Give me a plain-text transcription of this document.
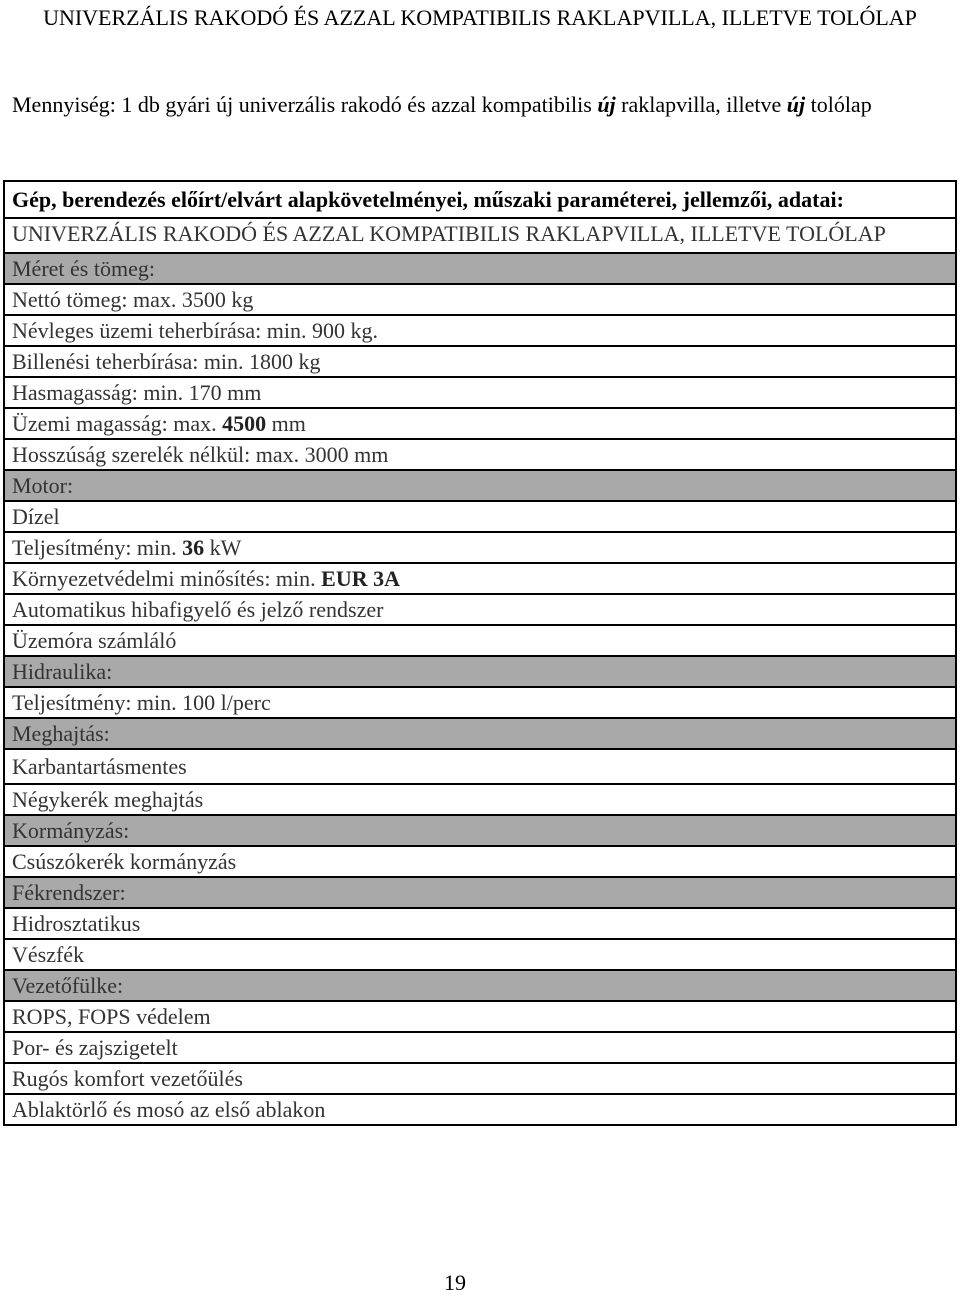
UNIVERZÁLIS RAKODÓ ÉS AZZAL KOMPATIBILIS RAKLAPVILLA, ILLETVE TOLÓLAP
Mennyiség: 1 db gyári új univerzális rakodó és azzal kompatibilis új raklapvilla, illetve új tolólap
Gép, berendezés előírt/elvárt alapkövetelményei, műszaki paraméterei, jellemzői, adatai:
UNIVERZÁLIS RAKODÓ ÉS AZZAL KOMPATIBILIS RAKLAPVILLA, ILLETVE TOLÓLAP
Méret és tömeg:
Nettó tömeg: max. 3500 kg
Névleges üzemi teherbírása: min. 900 kg.
Billenési teherbírása: min. 1800 kg
Hasmagasság: min. 170 mm
Üzemi magasság: max. 4500 mm
Hosszúság szerelék nélkül: max. 3000 mm
Motor:
Dízel
Teljesítmény: min. 36 kW
Környezetvédelmi minősítés: min. EUR 3A
Automatikus hibafigyelő és jelző rendszer
Üzemóra számláló
Hidraulika:
Teljesítmény: min. 100 l/perc
Meghajtás:
Karbantartásmentes
Négykerék meghajtás
Kormányzás:
Csúszókerék kormányzás
Fékrendszer:
Hidrosztatikus
Vészfék
Vezetőfülke:
ROPS, FOPS védelem
Por- és zajszigetelt
Rugós komfort vezetőülés
Ablaktörlő és mosó az első ablakon
19
